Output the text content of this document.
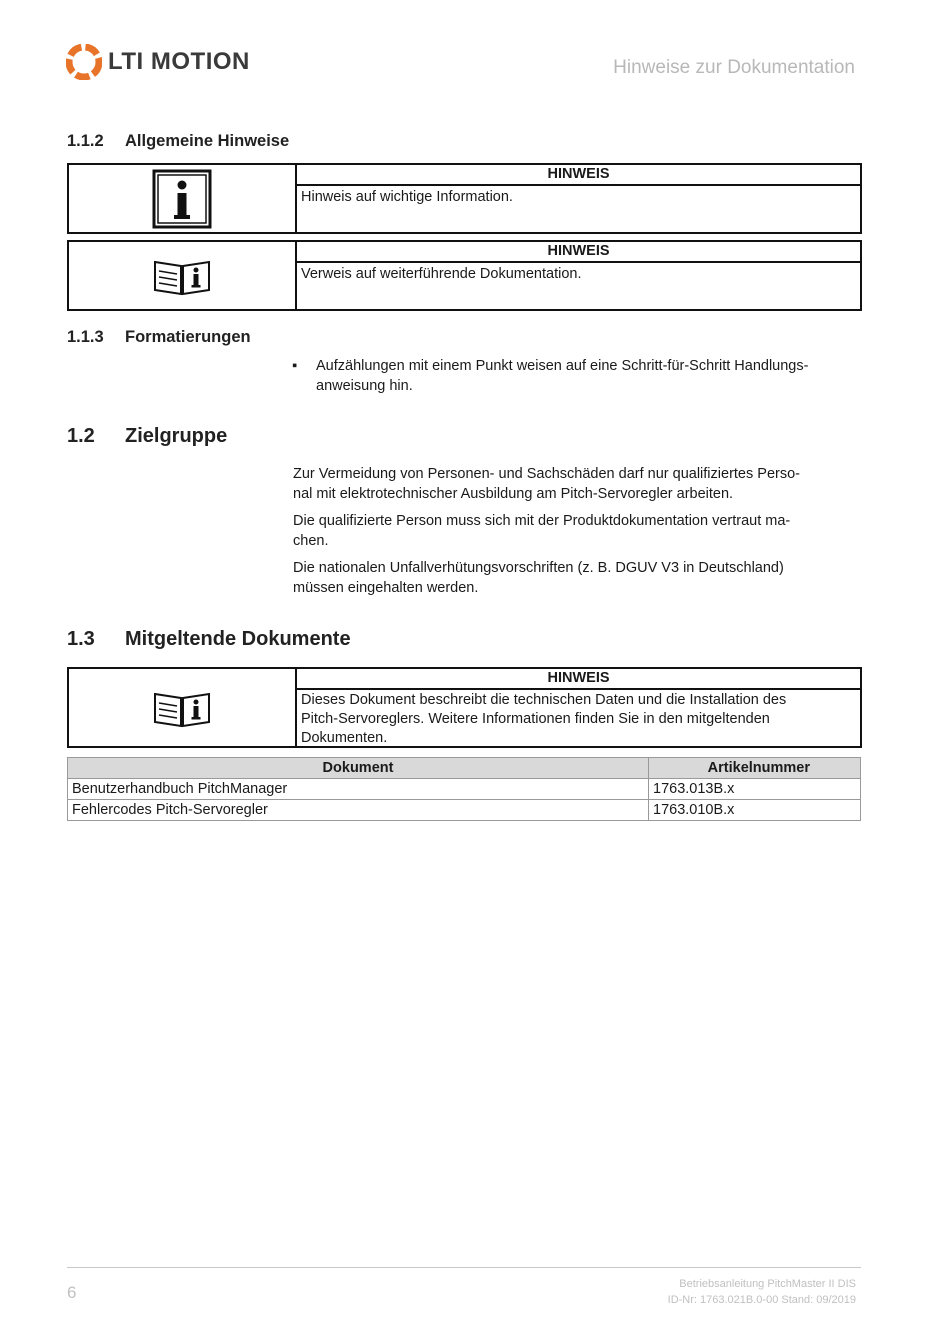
LTI MOTION	Hinweise zur Dokumentation
1.1.2 Allgemeine Hinweise
HINWEIS
Hinweis auf wichtige Information.
HINWEIS
Verweis auf weiterführende Dokumentation.
1.1.3 Formatierungen
▪ Aufzählungen mit einem Punkt weisen auf eine Schritt-für-Schritt Handlungs-
anweisung hin.
1.2 Zielgruppe
Zur Vermeidung von Personen- und Sachschäden darf nur qualifiziertes Perso-
nal mit elektrotechnischer Ausbildung am Pitch-Servoregler arbeiten.
Die qualifizierte Person muss sich mit der Produktdokumentation vertraut ma-
chen.
Die nationalen Unfallverhütungsvorschriften (z. B. DGUV V3 in Deutschland)
müssen eingehalten werden.
1.3 Mitgeltende Dokumente
HINWEIS
Dieses Dokument beschreibt die technischen Daten und die Installation des
Pitch-Servoreglers. Weitere Informationen finden Sie in den mitgeltenden
Dokumenten.
Dokument	Artikelnummer
Benutzerhandbuch PitchManager	1763.013B.x
Fehlercodes Pitch-Servoregler	1763.010B.x
6	Betriebsanleitung PitchMaster II DIS
ID-Nr: 1763.021B.0-00 Stand: 09/2019
